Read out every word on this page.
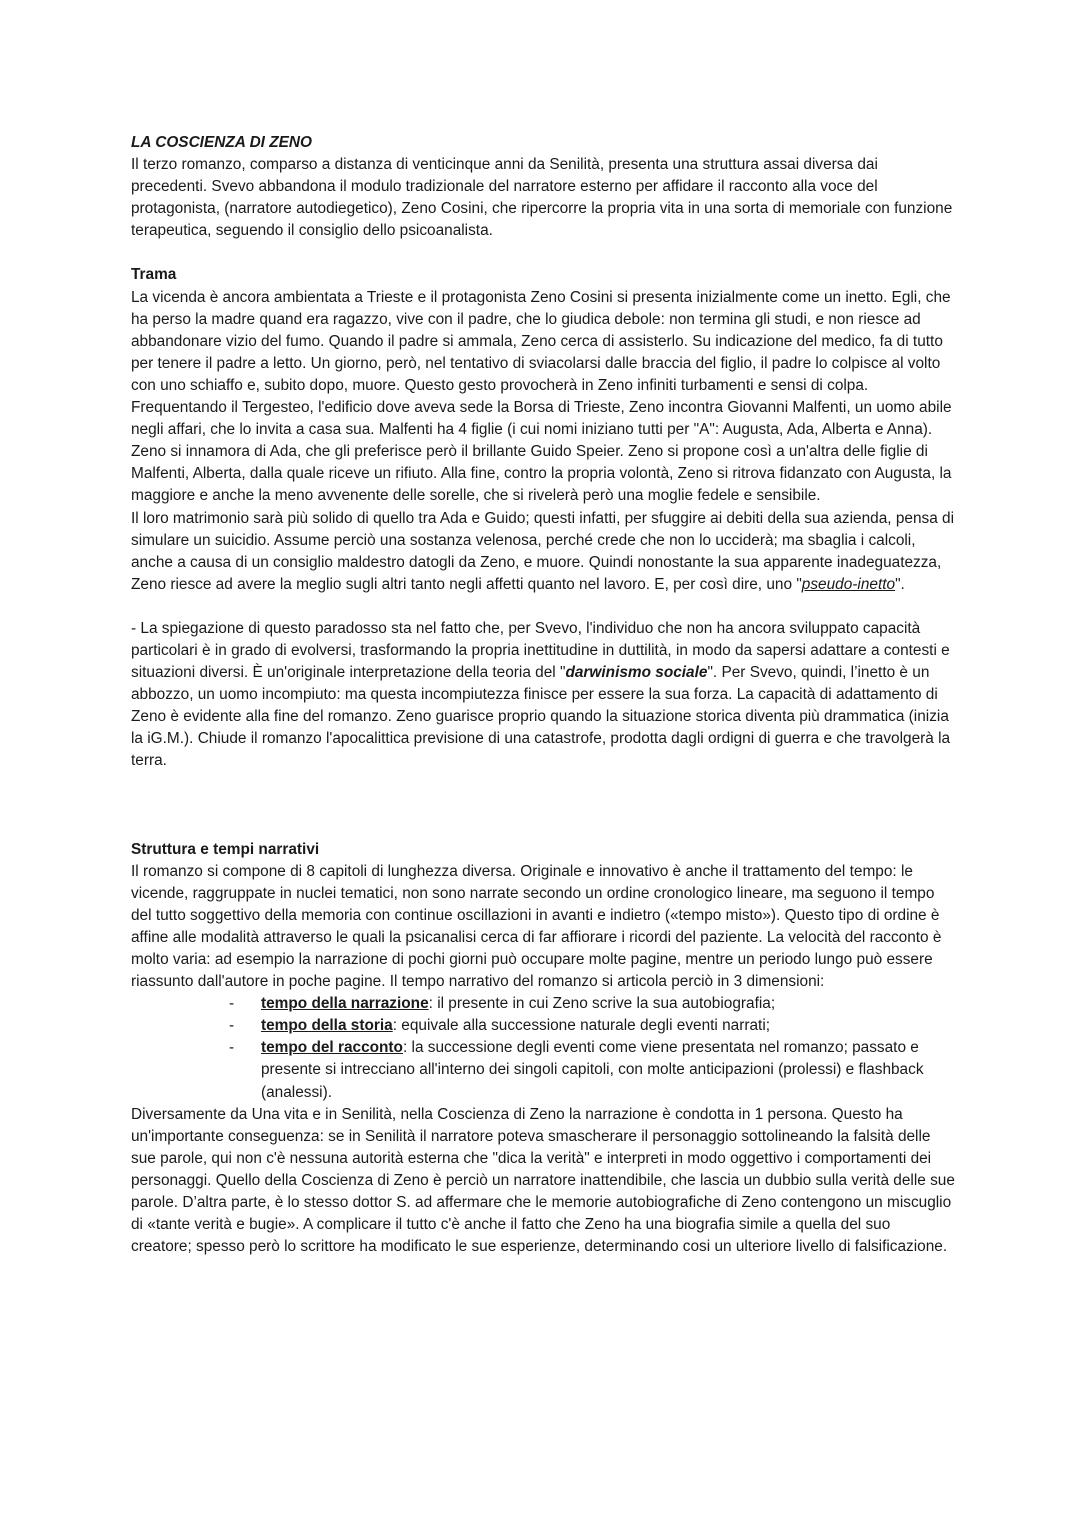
LA COSCIENZA DI ZENO

Il terzo romanzo, comparso a distanza di venticinque anni da Senilità, presenta una struttura assai diversa dai precedenti. Svevo abbandona il modulo tradizionale del narratore esterno per affidare il racconto alla voce del protagonista, (narratore autodiegetico), Zeno Cosini, che ripercorre la propria vita in una sorta di memoriale con funzione terapeutica, seguendo il consiglio dello psicoanalista.

Trama

La vicenda è ancora ambientata a Trieste e il protagonista Zeno Cosini si presenta inizialmente come un inetto. Egli, che ha perso la madre quand era ragazzo, vive con il padre, che lo giudica debole: non termina gli studi, e non riesce ad abbandonare vizio del fumo. Quando il padre si ammala, Zeno cerca di assisterlo. Su indicazione del medico, fa di tutto per tenere il padre a letto. Un giorno, però, nel tentativo di sviacolarsi dalle braccia del figlio, il padre lo colpisce al volto con uno schiaffo e, subito dopo, muore. Questo gesto provocherà in Zeno infiniti turbamenti e sensi di colpa. Frequentando il Tergesteo, l'edificio dove aveva sede la Borsa di Trieste, Zeno incontra Giovanni Malfenti, un uomo abile negli affari, che lo invita a casa sua. Malfenti ha 4 figlie (i cui nomi iniziano tutti per "A": Augusta, Ada, Alberta e Anna). Zeno si innamora di Ada, che gli preferisce però il brillante Guido Speier. Zeno si propone così a un'altra delle figlie di Malfenti, Alberta, dalla quale riceve un rifiuto. Alla fine, contro la propria volontà, Zeno si ritrova fidanzato con Augusta, la maggiore e anche la meno avvenente delle sorelle, che si rivelerà però una moglie fedele e sensibile.

Il loro matrimonio sarà più solido di quello tra Ada e Guido; questi infatti, per sfuggire ai debiti della sua azienda, pensa di simulare un suicidio. Assume perciò una sostanza velenosa, perché crede che non lo ucciderà; ma sbaglia i calcoli, anche a causa di un consiglio maldestro datogli da Zeno, e muore. Quindi nonostante la sua apparente inadeguatezza, Zeno riesce ad avere la meglio sugli altri tanto negli affetti quanto nel lavoro. E, per così dire, uno "pseudo-inetto".

- La spiegazione di questo paradosso sta nel fatto che, per Svevo, l'individuo che non ha ancora sviluppato capacità particolari è in grado di evolversi, trasformando la propria inettitudine in duttilità, in modo da sapersi adattare a contesti e situazioni diversi. È un'originale interpretazione della teoria del "darwinismo sociale". Per Svevo, quindi, l’inetto è un abbozzo, un uomo incompiuto: ma questa incompiutezza finisce per essere la sua forza. La capacità di adattamento di Zeno è evidente alla fine del romanzo. Zeno guarisce proprio quando la situazione storica diventa più drammatica (inizia la iG.M.). Chiude il romanzo l'apocalittica previsione di una catastrofe, prodotta dagli ordigni di guerra e che travolgerà la terra.

Struttura e tempi narrativi

Il romanzo si compone di 8 capitoli di lunghezza diversa. Originale e innovativo è anche il trattamento del tempo: le vicende, raggruppate in nuclei tematici, non sono narrate secondo un ordine cronologico lineare, ma seguono il tempo del tutto soggettivo della memoria con continue oscillazioni in avanti e indietro («tempo misto»). Questo tipo di ordine è affine alle modalità attraverso le quali la psicanalisi cerca di far affiorare i ricordi del paziente. La velocità del racconto è molto varia: ad esempio la narrazione di pochi giorni può occupare molte pagine, mentre un periodo lungo può essere riassunto dall'autore in poche pagine. Il tempo narrativo del romanzo si articola perciò in 3 dimensioni:

- tempo della narrazione: il presente in cui Zeno scrive la sua autobiografia;
- tempo della storia: equivale alla successione naturale degli eventi narrati;
- tempo del racconto: la successione degli eventi come viene presentata nel romanzo; passato e presente si intrecciano all'interno dei singoli capitoli, con molte anticipazioni (prolessi) e flashback (analessi).

Diversamente da Una vita e in Senilità, nella Coscienza di Zeno la narrazione è condotta in 1 persona. Questo ha un'importante conseguenza: se in Senilità il narratore poteva smascherare il personaggio sottolineando la falsità delle sue parole, qui non c'è nessuna autorità esterna che "dica la verità" e interpreti in modo oggettivo i comportamenti dei personaggi. Quello della Coscienza di Zeno è perciò un narratore inattendibile, che lascia un dubbio sulla verità delle sue parole. D’altra parte, è lo stesso dottor S. ad affermare che le memorie autobiografiche di Zeno contengono un miscuglio di «tante verità e bugie». A complicare il tutto c'è anche il fatto che Zeno ha una biografia simile a quella del suo creatore; spesso però lo scrittore ha modificato le sue esperienze, determinando cosi un ulteriore livello di falsificazione.
